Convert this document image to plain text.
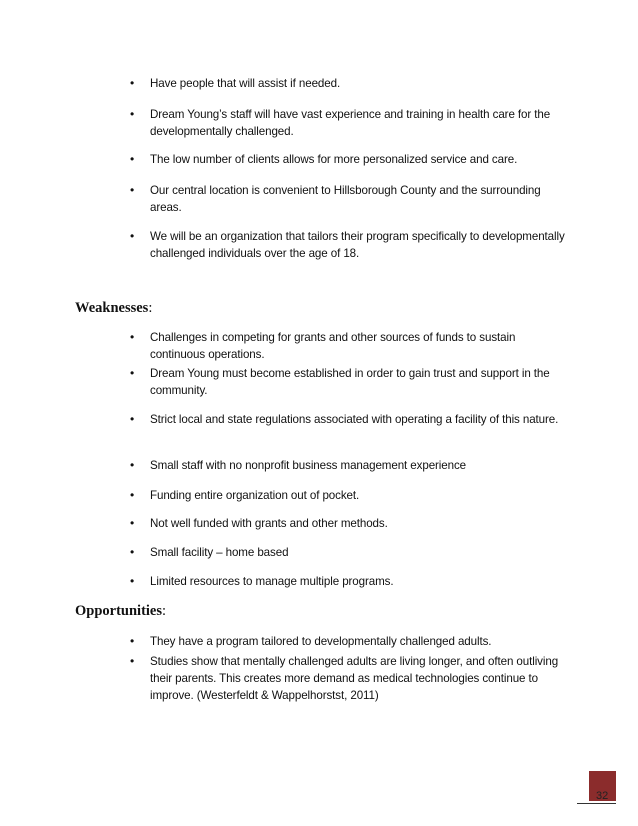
• Have people that will assist if needed.
• Dream Young’s staff will have vast experience and training in health care for the developmentally challenged.
• The low number of clients allows for more personalized service and care.
• Our central location is convenient to Hillsborough County and the surrounding areas.
• We will be an organization that tailors their program specifically to developmentally challenged individuals over the age of 18.
Weaknesses:
• Challenges in competing for grants and other sources of funds to sustain continuous operations.
• Dream Young must become established in order to gain trust and support in the community.
• Strict local and state regulations associated with operating a facility of this nature.
• Small staff with no nonprofit business management experience
• Funding entire organization out of pocket.
• Not well funded with grants and other methods.
• Small facility – home based
• Limited resources to manage multiple programs.
Opportunities:
• They have a program tailored to developmentally challenged adults.
• Studies show that mentally challenged adults are living longer, and often outliving their parents. This creates more demand as medical technologies continue to improve. (Westerfeldt & Wappelhorstst, 2011)
32
